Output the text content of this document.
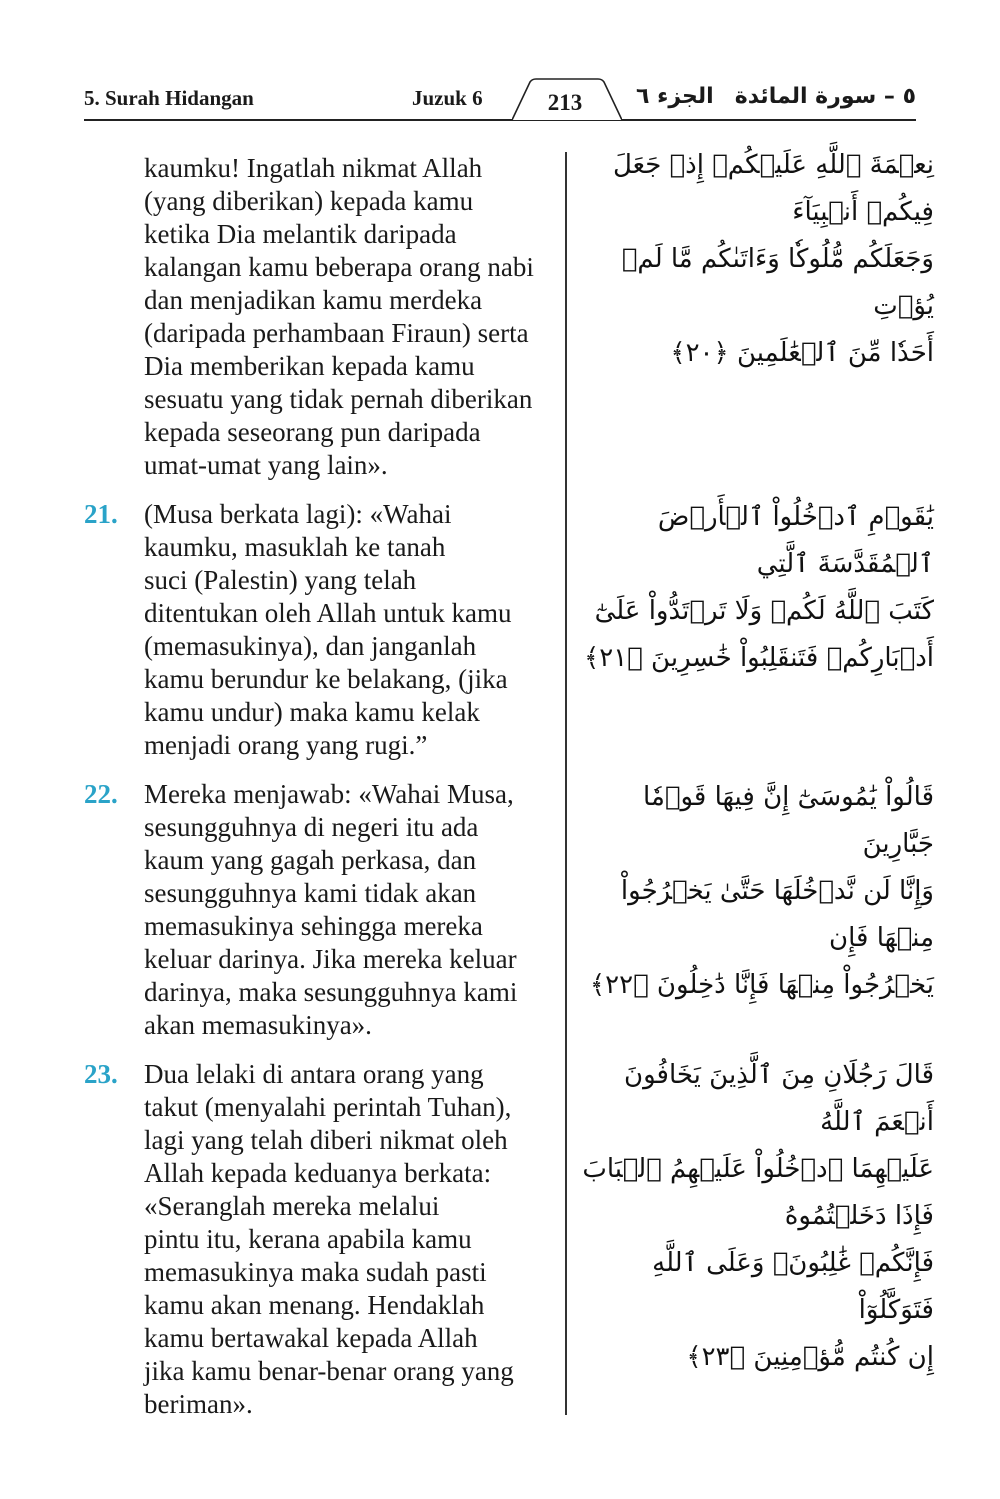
5. Surah Hidangan	Juzuk 6	213	الجزء ٦ ٥ – سورة المائدة
kaumku! Ingatlah nikmat Allah
(yang diberikan) kepada kamu
ketika Dia melantik daripada
kalangan kamu beberapa orang nabi
dan menjadikan kamu merdeka
(daripada perhambaan Firaun) serta
Dia memberikan kepada kamu
sesuatu yang tidak pernah diberikan
kepada seseorang pun daripada
umat-umat yang lain».
نِعۡمَةَ ٱللَّهِ عَلَيۡكُمۡ إِذۡ جَعَلَ فِيكُمۡ أَنۢبِيَآءَ
وَجَعَلَكُم مُّلُوكٗا وَءَاتَىٰكُم مَّا لَمۡ يُؤۡتِ
أَحَدٗا مِّنَ ٱلۡعَٰلَمِينَ ﴿٢٠﴾
21. (Musa berkata lagi): «Wahai
kaumku, masuklah ke tanah
suci (Palestin) yang telah
ditentukan oleh Allah untuk kamu
(memasukinya), dan janganlah
kamu berundur ke belakang, (jika
kamu undur) maka kamu kelak
menjadi orang yang rugi.”
يَٰقَوۡمِ ٱدۡخُلُواْ ٱلۡأَرۡضَ ٱلۡمُقَدَّسَةَ ٱلَّتِي
كَتَبَ ٱللَّهُ لَكُمۡ وَلَا تَرۡتَدُّواْ عَلَىٰٓ
أَدۡبَارِكُمۡ فَتَنقَلِبُواْ خَٰسِرِينَ ﴿٢١﴾
22. Mereka menjawab: «Wahai Musa,
sesungguhnya di negeri itu ada
kaum yang gagah perkasa, dan
sesungguhnya kami tidak akan
memasukinya sehingga mereka
keluar darinya. Jika mereka keluar
darinya, maka sesungguhnya kami
akan memasukinya».
قَالُواْ يَٰمُوسَىٰٓ إِنَّ فِيهَا قَوۡمٗا جَبَّارِينَ
وَإِنَّا لَن نَّدۡخُلَهَا حَتَّىٰ يَخۡرُجُواْ مِنۡهَا فَإِن
يَخۡرُجُواْ مِنۡهَا فَإِنَّا دَٰخِلُونَ ﴿٢٢﴾
23. Dua lelaki di antara orang yang
takut (menyalahi perintah Tuhan),
lagi yang telah diberi nikmat oleh
Allah kepada keduanya berkata:
«Seranglah mereka melalui
pintu itu, kerana apabila kamu
memasukinya maka sudah pasti
kamu akan menang. Hendaklah
kamu bertawakal kepada Allah
jika kamu benar-benar orang yang
beriman».
قَالَ رَجُلَانِ مِنَ ٱلَّذِينَ يَخَافُونَ أَنۡعَمَ ٱللَّهُ
عَلَيۡهِمَا ٱدۡخُلُواْ عَلَيۡهِمُ ٱلۡبَابَ فَإِذَا دَخَلۡتُمُوهُ
فَإِنَّكُمۡ غَٰلِبُونَۚ وَعَلَى ٱللَّهِ فَتَوَكَّلُوٓاْ
إِن كُنتُم مُّؤۡمِنِينَ ﴿٢٣﴾
